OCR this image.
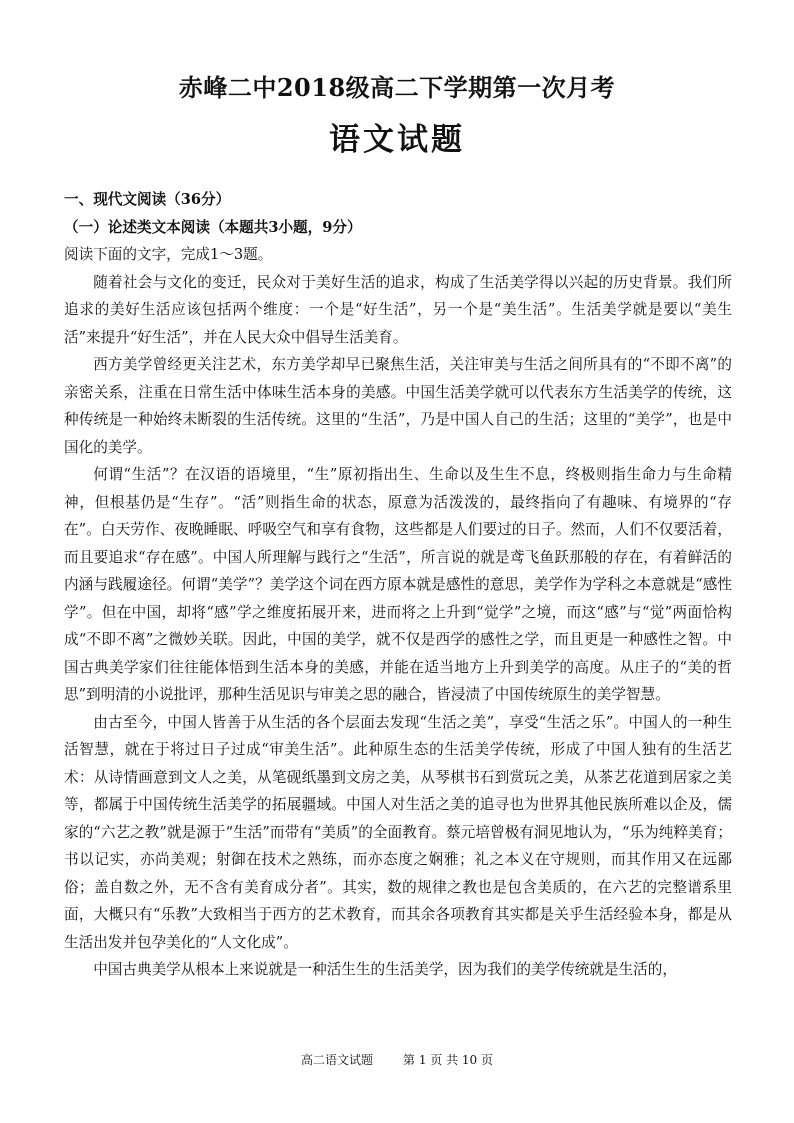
赤峰二中2018级高二下学期第一次月考
语文试题

一、现代文阅读（36分）

（一）论述类文本阅读（本题共3小题，9分）

阅读下面的文字，完成1～3题。

随着社会与文化的变迁，民众对于美好生活的追求，构成了生活美学得以兴起的历史背景。我们所追求的美好生活应该包括两个维度：一个是“好生活”，另一个是“美生活”。生活美学就是要以“美生活”来提升“好生活”，并在人民大众中倡导生活美育。

西方美学曾经更关注艺术，东方美学却早已聚焦生活，关注审美与生活之间所具有的“不即不离”的亲密关系，注重在日常生活中体味生活本身的美感。中国生活美学就可以代表东方生活美学的传统，这种传统是一种始终未断裂的生活传统。这里的“生活”，乃是中国人自己的生活；这里的“美学”，也是中国化的美学。

何谓“生活”？在汉语的语境里，“生”原初指出生、生命以及生生不息，终极则指生命力与生命精神，但根基仍是“生存”。“活”则指生命的状态，原意为活泼泼的，最终指向了有趣味、有境界的“存在”。白天劳作、夜晚睡眠、呼吸空气和享有食物，这些都是人们要过的日子。然而，人们不仅要活着，而且要追求“存在感”。中国人所理解与践行之“生活”，所言说的就是鸢飞鱼跃那般的存在，有着鲜活的内涵与践履途径。何谓“美学”？美学这个词在西方原本就是感性的意思，美学作为学科之本意就是“感性学”。但在中国，却将“感”学之维度拓展开来，进而将之上升到“觉学”之境，而这“感”与“觉”两面恰构成“不即不离”之微妙关联。因此，中国的美学，就不仅是西学的感性之学，而且更是一种感性之智。中国古典美学家们往往能体悟到生活本身的美感，并能在适当地方上升到美学的高度。从庄子的“美的哲思”到明清的小说批评，那种生活见识与审美之思的融合，皆浸渍了中国传统原生的美学智慧。

由古至今，中国人皆善于从生活的各个层面去发现“生活之美”，享受“生活之乐”。中国人的一种生活智慧，就在于将过日子过成“审美生活”。此种原生态的生活美学传统，形成了中国人独有的生活艺术：从诗情画意到文人之美，从笔砚纸墨到文房之美，从琴棋书石到赏玩之美，从茶艺花道到居家之美等，都属于中国传统生活美学的拓展疆域。中国人对生活之美的追寻也为世界其他民族所难以企及，儒家的“六艺之教”就是源于“生活”而带有“美质”的全面教育。蔡元培曾极有洞见地认为，“乐为纯粹美育；书以记实，亦尚美观；射御在技术之熟练，而亦态度之娴雅；礼之本义在守规则，而其作用又在远鄙俗；盖自数之外，无不含有美育成分者”。其实，数的规律之教也是包含美质的，在六艺的完整谱系里面，大概只有“乐教”大致相当于西方的艺术教育，而其余各项教育其实都是关乎生活经验本身，都是从生活出发并包孕美化的“人文化成”。

中国古典美学从根本上来说就是一种活生生的生活美学，因为我们的美学传统就是生活的，

高二语文试题	第 1 页 共 10 页
